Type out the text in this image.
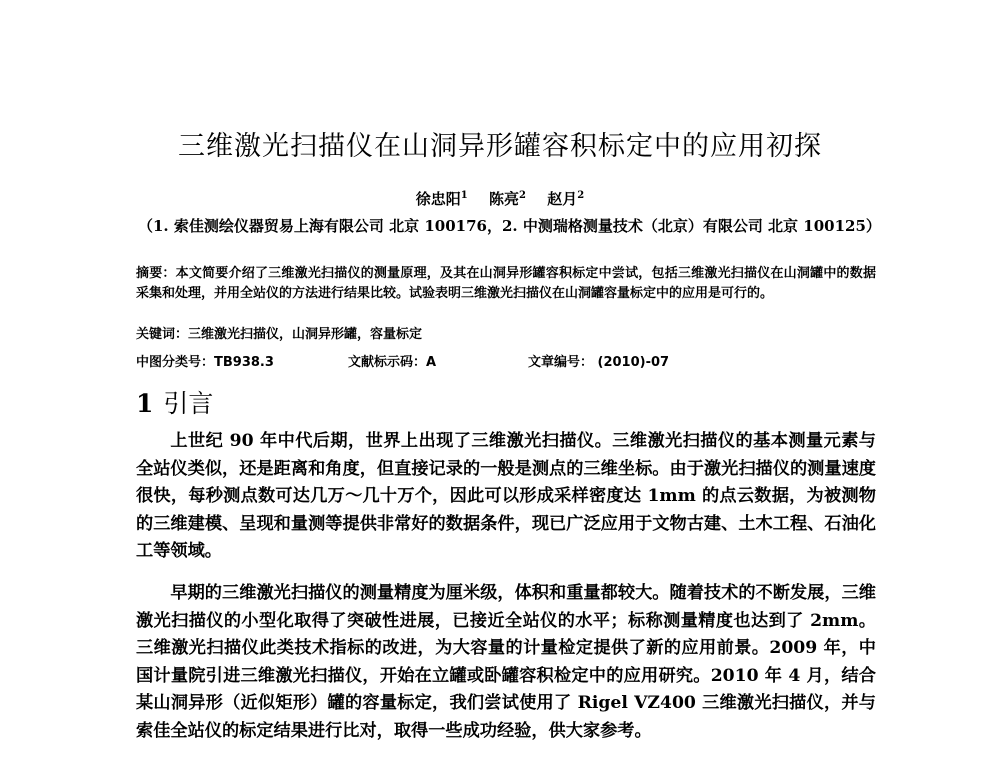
三维激光扫描仪在山洞异形罐容积标定中的应用初探
徐忠阳$^1$ 陈亮$^2$ 赵月$^2$
（1. 索佳测绘仪器贸易上海有限公司 北京 100176，2. 中测瑞格测量技术（北京）有限公司 北京 100125）
摘要：本文简要介绍了三维激光扫描仪的测量原理，及其在山洞异形罐容积标定中尝试，包括三维激光扫描仪在山洞罐中的数据采集和处理，并用全站仪的方法进行结果比较。试验表明三维激光扫描仪在山洞罐容量标定中的应用是可行的。
关键词：三维激光扫描仪，山洞异形罐，容量标定
中图分类号：TB938.3	文献标示码：A	文章编号： (2010)-07
1 引言

上世纪 90 年中代后期，世界上出现了三维激光扫描仪。三维激光扫描仪的基本测量元素与全站仪类似，还是距离和角度，但直接记录的一般是测点的三维坐标。由于激光扫描仪的测量速度很快，每秒测点数可达几万～几十万个，因此可以形成采样密度达 1mm 的点云数据，为被测物的三维建模、呈现和量测等提供非常好的数据条件，现已广泛应用于文物古建、土木工程、石油化工等领域。

早期的三维激光扫描仪的测量精度为厘米级，体积和重量都较大。随着技术的不断发展，三维激光扫描仪的小型化取得了突破性进展，已接近全站仪的水平；标称测量精度也达到了 2mm。三维激光扫描仪此类技术指标的改进，为大容量的计量检定提供了新的应用前景。2009 年，中国计量院引进三维激光扫描仪，开始在立罐或卧罐容积检定中的应用研究。2010 年 4 月，结合某山洞异形（近似矩形）罐的容量标定，我们尝试使用了 Rigel VZ400 三维激光扫描仪，并与索佳全站仪的标定结果进行比对，取得一些成功经验，供大家参考。
